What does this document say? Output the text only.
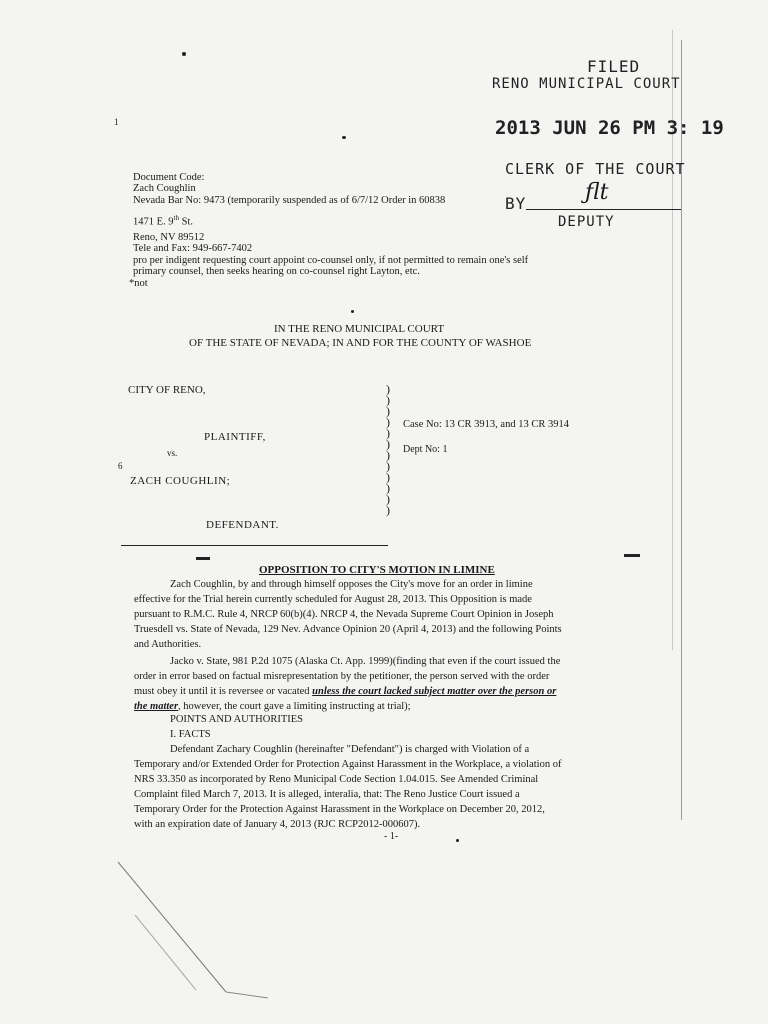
FILED
RENO MUNICIPAL COURT
2013 JUN 26 PM 3: 19
CLERK OF THE COURT
BY	ƒlt
DEPUTY
1
Document Code:
Zach Coughlin
Nevada Bar No: 9473 (temporarily suspended as of 6/7/12 Order in 60838
1471 E. 9th St.
Reno, NV 89512
Tele and Fax: 949-667-7402
pro per indigent requesting court appoint co-counsel only, if not permitted to remain one's self
primary counsel, then seeks hearing on co-counsel right Layton, etc.
*not
IN THE RENO MUNICIPAL COURT
OF THE STATE OF NEVADA; IN AND FOR THE COUNTY OF WASHOE
CITY OF RENO,
PLAINTIFF,
vs.
6
ZACH COUGHLIN;
DEFENDANT.
Case No: 13 CR 3913, and 13 CR 3914
Dept No: 1
)
)
)
)
)
)
)
)
)
)
)
)
OPPOSITION TO CITY'S MOTION IN LIMINE
Zach Coughlin, by and through himself opposes the City's move for an order in limine
effective for the Trial herein currently scheduled for August 28, 2013. This Opposition is made
pursuant to R.M.C. Rule 4, NRCP 60(b)(4). NRCP 4, the Nevada Supreme Court Opinion in Joseph
Truesdell vs. State of Nevada, 129 Nev. Advance Opinion 20 (April 4, 2013) and the following Points
and Authorities.
Jacko v. State, 981 P.2d 1075 (Alaska Ct. App. 1999)(finding that even if the court issued the
order in error based on factual misrepresentation by the petitioner, the person served with the order
must obey it until it is reversee or vacated unless the court lacked subject matter over the person or
the matter, however, the court gave a limiting instructing at trial);
POINTS AND AUTHORITIES
I. FACTS
Defendant Zachary Coughlin (hereinafter "Defendant") is charged with Violation of a
Temporary and/or Extended Order for Protection Against Harassment in the Workplace, a violation of
NRS 33.350 as incorporated by Reno Municipal Code Section 1.04.015. See Amended Criminal
Complaint filed March 7, 2013. It is alleged, interalia, that: The Reno Justice Court issued a
Temporary Order for the Protection Against Harassment in the Workplace on December 20, 2012,
with an expiration date of January 4, 2013 (RJC RCP2012-000607).
- 1-
